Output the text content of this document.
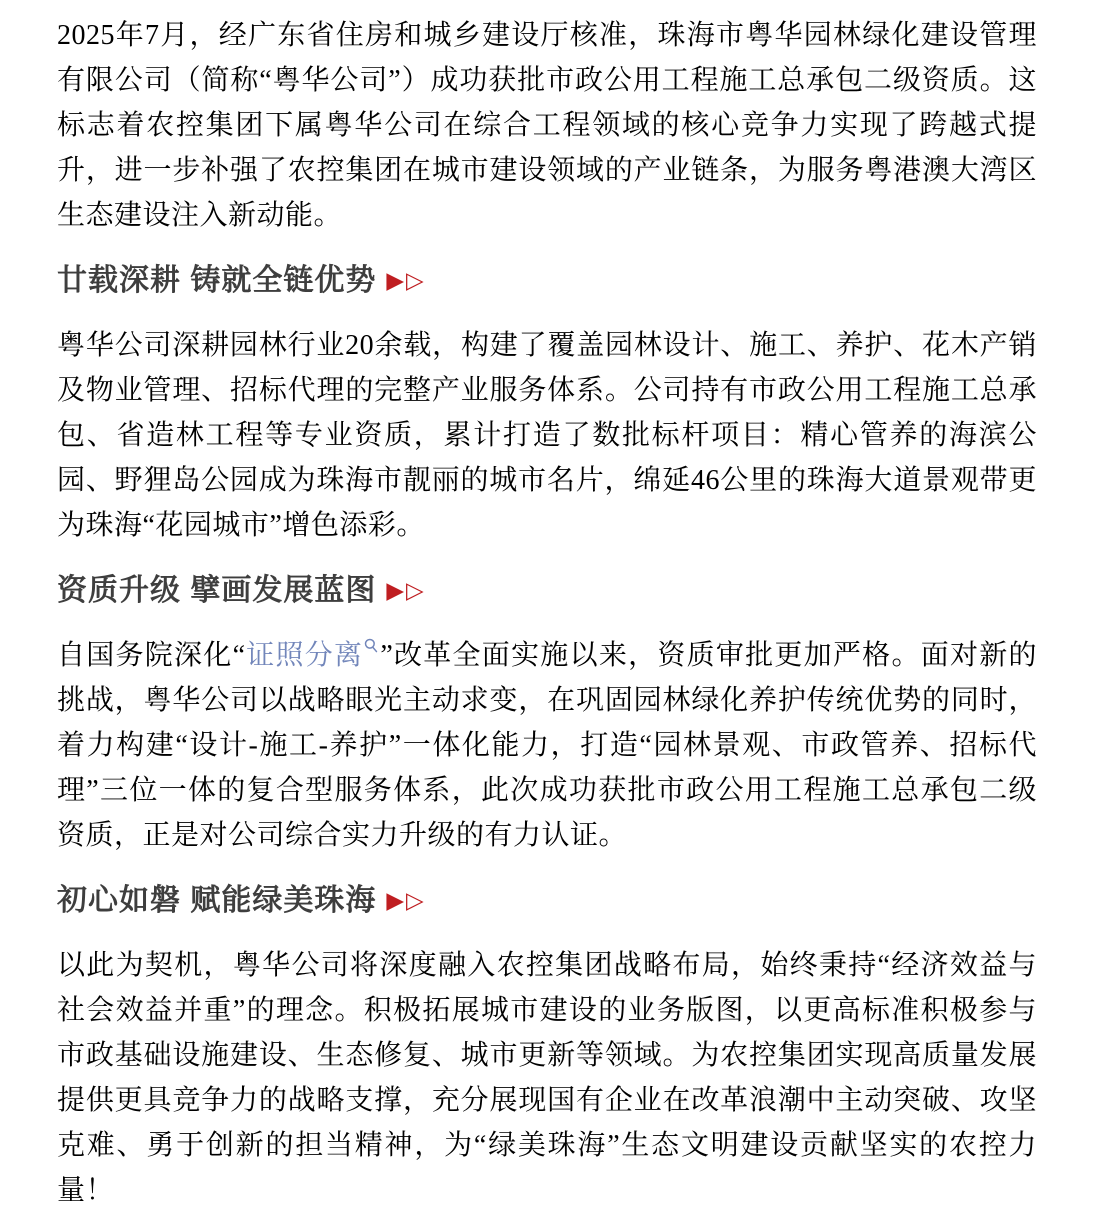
2025年7月，经广东省住房和城乡建设厅核准，珠海市粤华园林绿化建设管理有限公司（简称“粤华公司”）成功获批市政公用工程施工总承包二级资质。这标志着农控集团下属粤华公司在综合工程领域的核心竞争力实现了跨越式提升，进一步补强了农控集团在城市建设领域的产业链条，为服务粤港澳大湾区生态建设注入新动能。

廿载深耕 铸就全链优势 ▶▷

粤华公司深耕园林行业20余载，构建了覆盖园林设计、施工、养护、花木产销及物业管理、招标代理的完整产业服务体系。公司持有市政公用工程施工总承包、省造林工程等专业资质，累计打造了数批标杆项目：精心管养的海滨公园、野狸岛公园成为珠海市靓丽的城市名片，绵延46公里的珠海大道景观带更为珠海“花园城市”增色添彩。

资质升级 擘画发展蓝图 ▶▷

自国务院深化“证照分离 ”改革全面实施以来，资质审批更加严格。面对新的挑战，粤华公司以战略眼光主动求变，在巩固园林绿化养护传统优势的同时，着力构建“设计-施工-养护”一体化能力，打造“园林景观、市政管养、招标代理”三位一体的复合型服务体系，此次成功获批市政公用工程施工总承包二级资质，正是对公司综合实力升级的有力认证。

初心如磐 赋能绿美珠海 ▶▷

以此为契机，粤华公司将深度融入农控集团战略布局，始终秉持“经济效益与社会效益并重”的理念。积极拓展城市建设的业务版图，以更高标准积极参与市政基础设施建设、生态修复、城市更新等领域。为农控集团实现高质量发展提供更具竞争力的战略支撑，充分展现国有企业在改革浪潮中主动突破、攻坚克难、勇于创新的担当精神，为“绿美珠海”生态文明建设贡献坚实的农控力量！
